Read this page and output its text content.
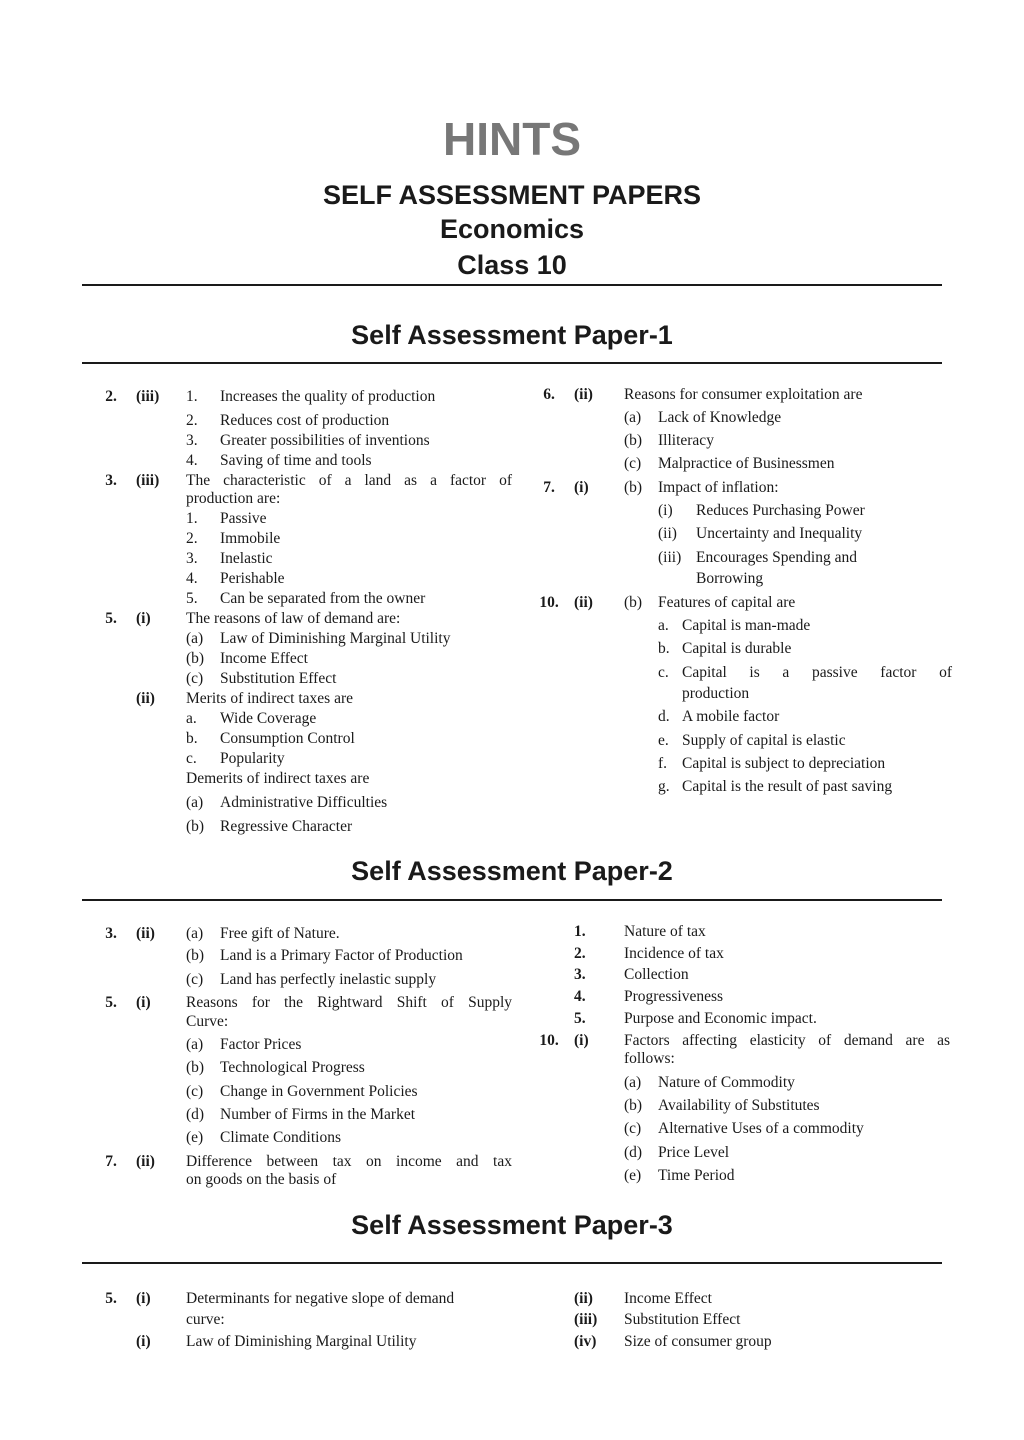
HINTS
SELF ASSESSMENT PAPERS
Economics
Class 10
Self Assessment Paper-1
2.	(iii) 1. Increases the quality of production
2. Reduces cost of production
3. Greater possibilities of inventions
4. Saving of time and tools
3.	(iii) The characteristic of a land as a factor of
production are:
1. Passive
2. Immobile
3. Inelastic
4. Perishable
5. Can be separated from the owner
5.	(i) The reasons of law of demand are:
(a) Law of Diminishing Marginal Utility
(b) Income Effect
(c) Substitution Effect
(ii) Merits of indirect taxes are
a. Wide Coverage
b. Consumption Control
c. Popularity
Demerits of indirect taxes are
(a) Administrative Difficulties
(b) Regressive Character
6.	(ii) Reasons for consumer exploitation are
(a) Lack of Knowledge
(b) Illiteracy
(c) Malpractice of Businessmen
7.	(i) (b) Impact of inflation:
(i) Reduces Purchasing Power
(ii) Uncertainty and Inequality
(iii) Encourages Spending and
Borrowing
10. (ii) (b) Features of capital are
a. Capital is man-made
b. Capital is durable
c. Capital is a passive factor of
production
d. A mobile factor
e. Supply of capital is elastic
f. Capital is subject to depreciation
g. Capital is the result of past saving
Self Assessment Paper-2
3.	(ii) (a) Free gift of Nature.
(b) Land is a Primary Factor of Production
(c) Land has perfectly inelastic supply
5.	(i) Reasons for the Rightward Shift of Supply
Curve:
(a) Factor Prices
(b) Technological Progress
(c) Change in Government Policies
(d) Number of Firms in the Market
(e) Climate Conditions
7.	(ii) Difference between tax on income and tax
on goods on the basis of
1. Nature of tax
2. Incidence of tax
3. Collection
4. Progressiveness
5. Purpose and Economic impact.
10. (i) Factors affecting elasticity of demand are as
follows:
(a) Nature of Commodity
(b) Availability of Substitutes
(c) Alternative Uses of a commodity
(d) Price Level
(e) Time Period
Self Assessment Paper-3
5.	(i) Determinants for negative slope of demand
curve:
(i) Law of Diminishing Marginal Utility
(ii) Income Effect
(iii) Substitution Effect
(iv) Size of consumer group
